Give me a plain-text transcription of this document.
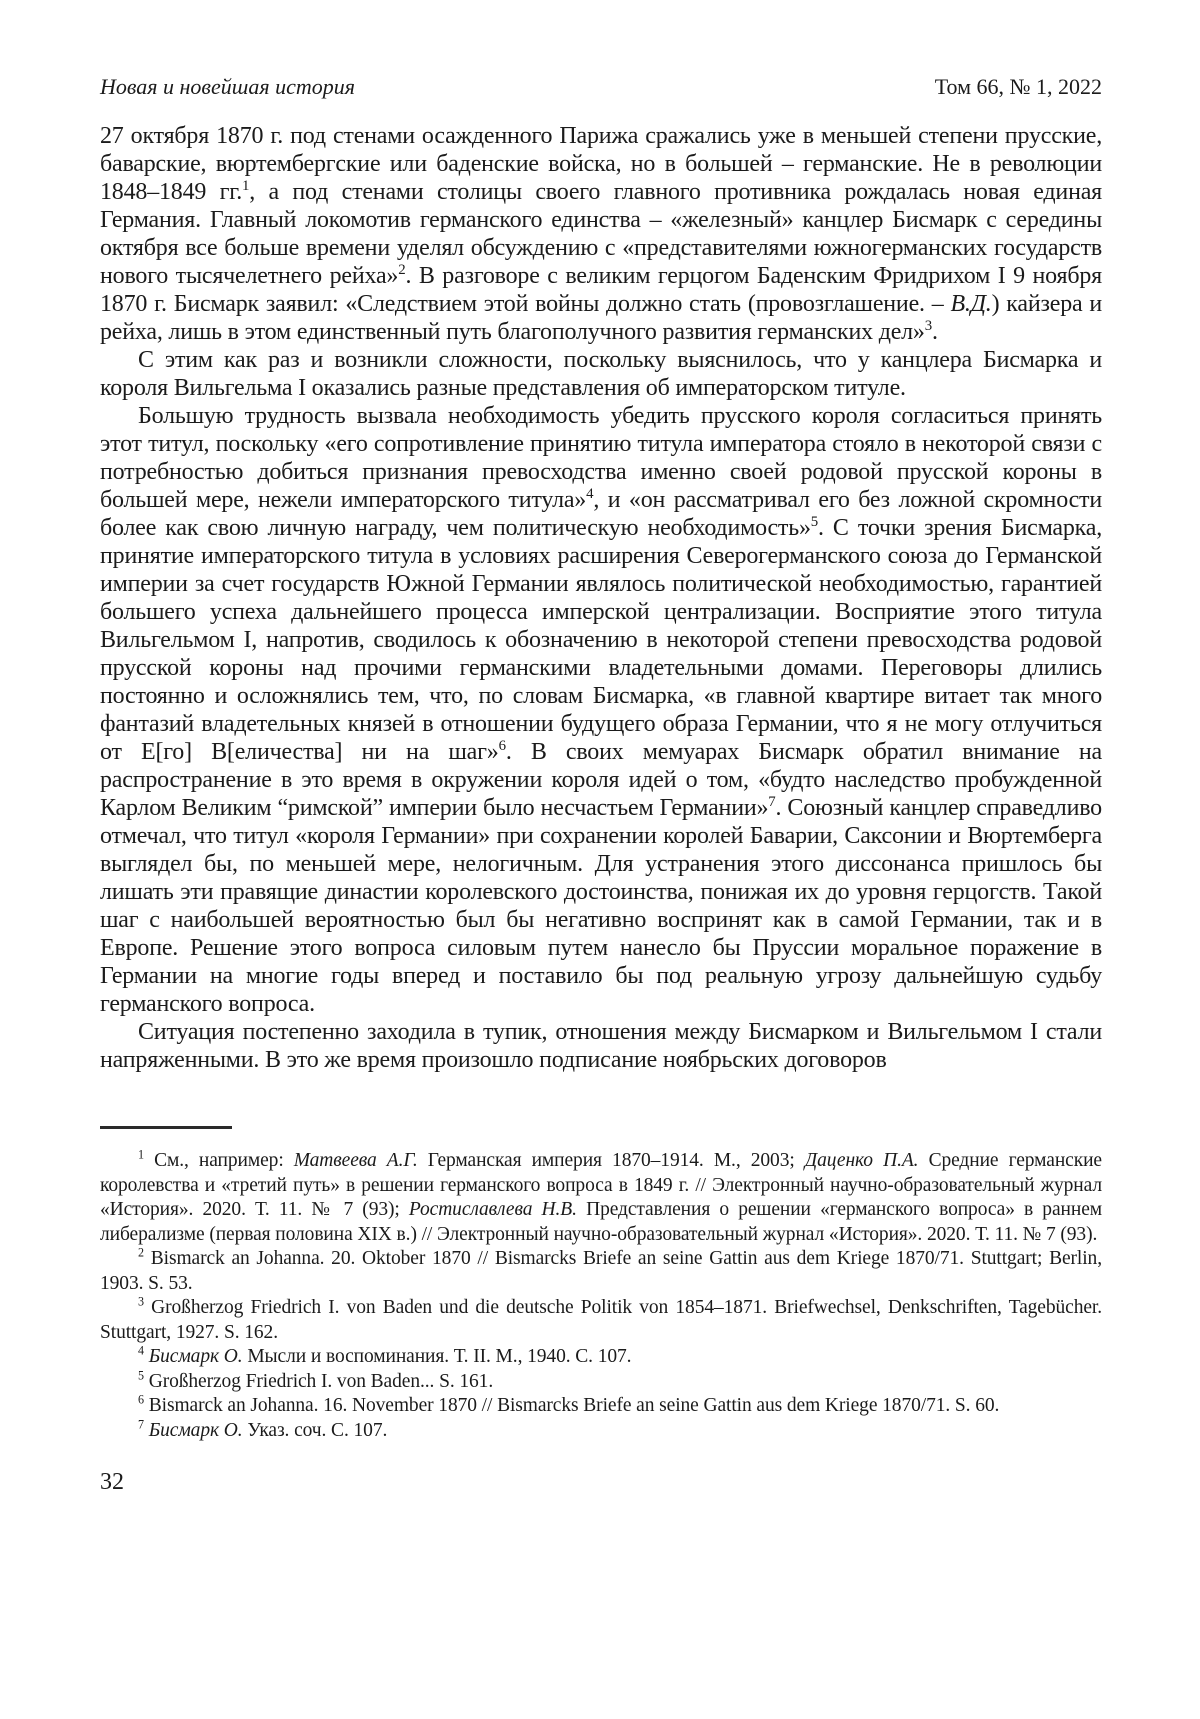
Новая и новейшая история	Том 66, № 1, 2022

27 октября 1870 г. под стенами осажденного Парижа сражались уже в меньшей степени прусские, баварские, вюртембергские или баденские войска, но в большей – германские. Не в революции 1848–1849 гг.$^1$, а под стенами столицы своего главного противника рождалась новая единая Германия. Главный локомотив германского единства – «железный» канцлер Бисмарк с середины октября все больше времени уделял обсуждению с «представителями южногерманских государств нового тысячелетнего рейха»$^2$. В разговоре с великим герцогом Баденским Фридрихом I 9 ноября 1870 г. Бисмарк заявил: «Следствием этой войны должно стать (провозглашение. – В.Д.) кайзера и рейха, лишь в этом единственный путь благополучного развития германских дел»$^3$.

С этим как раз и возникли сложности, поскольку выяснилось, что у канцлера Бисмарка и короля Вильгельма I оказались разные представления об императорском титуле.

Большую трудность вызвала необходимость убедить прусского короля согласиться принять этот титул, поскольку «его сопротивление принятию титула императора стояло в некоторой связи с потребностью добиться признания превосходства именно своей родовой прусской короны в большей мере, нежели императорского титула»$^4$, и «он рассматривал его без ложной скромности более как свою личную награду, чем политическую необходимость»$^5$. С точки зрения Бисмарка, принятие императорского титула в условиях расширения Северогерманского союза до Германской империи за счет государств Южной Германии являлось политической необходимостью, гарантией большего успеха дальнейшего процесса имперской централизации. Восприятие этого титула Вильгельмом I, напротив, сводилось к обозначению в некоторой степени превосходства родовой прусской короны над прочими германскими владетельными домами. Переговоры длились постоянно и осложнялись тем, что, по словам Бисмарка, «в главной квартире витает так много фантазий владетельных князей в отношении будущего образа Германии, что я не могу отлучиться от Е[го] В[еличества] ни на шаг»$^6$. В своих мемуарах Бисмарк обратил внимание на распространение в это время в окружении короля идей о том, «будто наследство пробужденной Карлом Великим “римской” империи было несчастьем Германии»$^7$. Союзный канцлер справедливо отмечал, что титул «короля Германии» при сохранении королей Баварии, Саксонии и Вюртемберга выглядел бы, по меньшей мере, нелогичным. Для устранения этого диссонанса пришлось бы лишать эти правящие династии королевского достоинства, понижая их до уровня герцогств. Такой шаг с наибольшей вероятностью был бы негативно воспринят как в самой Германии, так и в Европе. Решение этого вопроса силовым путем нанесло бы Пруссии моральное поражение в Германии на многие годы вперед и поставило бы под реальную угрозу дальнейшую судьбу германского вопроса.

Ситуация постепенно заходила в тупик, отношения между Бисмарком и Вильгельмом I стали напряженными. В это же время произошло подписание ноябрьских договоров

$^1$ См., например: Матвеева А.Г. Германская империя 1870–1914. М., 2003; Даценко П.А. Средние германские королевства и «третий путь» в решении германского вопроса в 1849 г. // Электронный научно-образовательный журнал «История». 2020. Т. 11. № 7 (93); Ростиславлева Н.В. Представления о решении «германского вопроса» в раннем либерализме (первая половина XIX в.) // Электронный научно-образовательный журнал «История». 2020. Т. 11. № 7 (93).

$^2$ Bismarck an Johanna. 20. Oktober 1870 // Bismarcks Briefe an seine Gattin aus dem Kriege 1870/71. Stuttgart; Berlin, 1903. S. 53.

$^3$ Großherzog Friedrich I. von Baden und die deutsche Politik von 1854–1871. Briefwechsel, Denkschriften, Tagebücher. Stuttgart, 1927. S. 162.

$^4$ Бисмарк О. Мысли и воспоминания. Т. II. М., 1940. С. 107.

$^5$ Großherzog Friedrich I. von Baden... S. 161.

$^6$ Bismarck an Johanna. 16. November 1870 // Bismarcks Briefe an seine Gattin aus dem Kriege 1870/71. S. 60.

$^7$ Бисмарк О. Указ. соч. С. 107.

32
